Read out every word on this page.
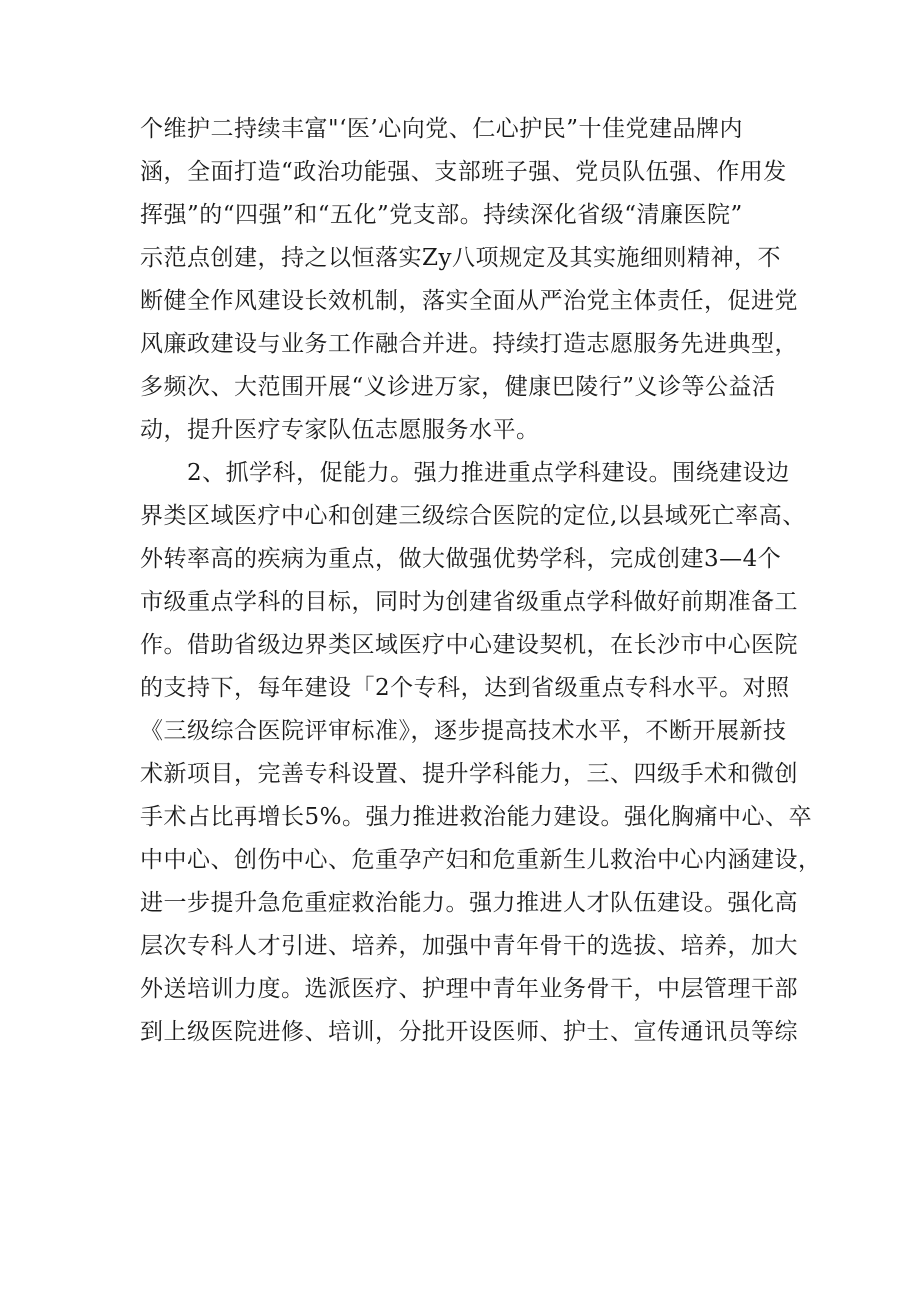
个维护二持续丰富"‘医’心向党、仁心护民”十佳党建品牌内
涵，全面打造“政治功能强、支部班子强、党员队伍强、作用发
挥强”的“四强”和“五化”党支部。持续深化省级“清廉医院”
示范点创建，持之以恒落实Zy八项规定及其实施细则精神，不
断健全作风建设长效机制，落实全面从严治党主体责任，促进党
风廉政建设与业务工作融合并进。持续打造志愿服务先进典型，
多频次、大范围开展“义诊进万家，健康巴陵行”义诊等公益活
动，提升医疗专家队伍志愿服务水平。
　　2、抓学科，促能力。强力推进重点学科建设。围绕建设边
界类区域医疗中心和创建三级综合医院的定位,以县域死亡率高、
外转率高的疾病为重点，做大做强优势学科，完成创建3—4个
市级重点学科的目标，同时为创建省级重点学科做好前期准备工
作。借助省级边界类区域医疗中心建设契机，在长沙市中心医院
的支持下，每年建设「2个专科，达到省级重点专科水平。对照
《三级综合医院评审标准》，逐步提高技术水平，不断开展新技
术新项目，完善专科设置、提升学科能力，三、四级手术和微创
手术占比再增长5%。强力推进救治能力建设。强化胸痛中心、卒
中中心、创伤中心、危重孕产妇和危重新生儿救治中心内涵建设，
进一步提升急危重症救治能力。强力推进人才队伍建设。强化高
层次专科人才引进、培养，加强中青年骨干的选拔、培养，加大
外送培训力度。选派医疗、护理中青年业务骨干，中层管理干部
到上级医院进修、培训，分批开设医师、护士、宣传通讯员等综
